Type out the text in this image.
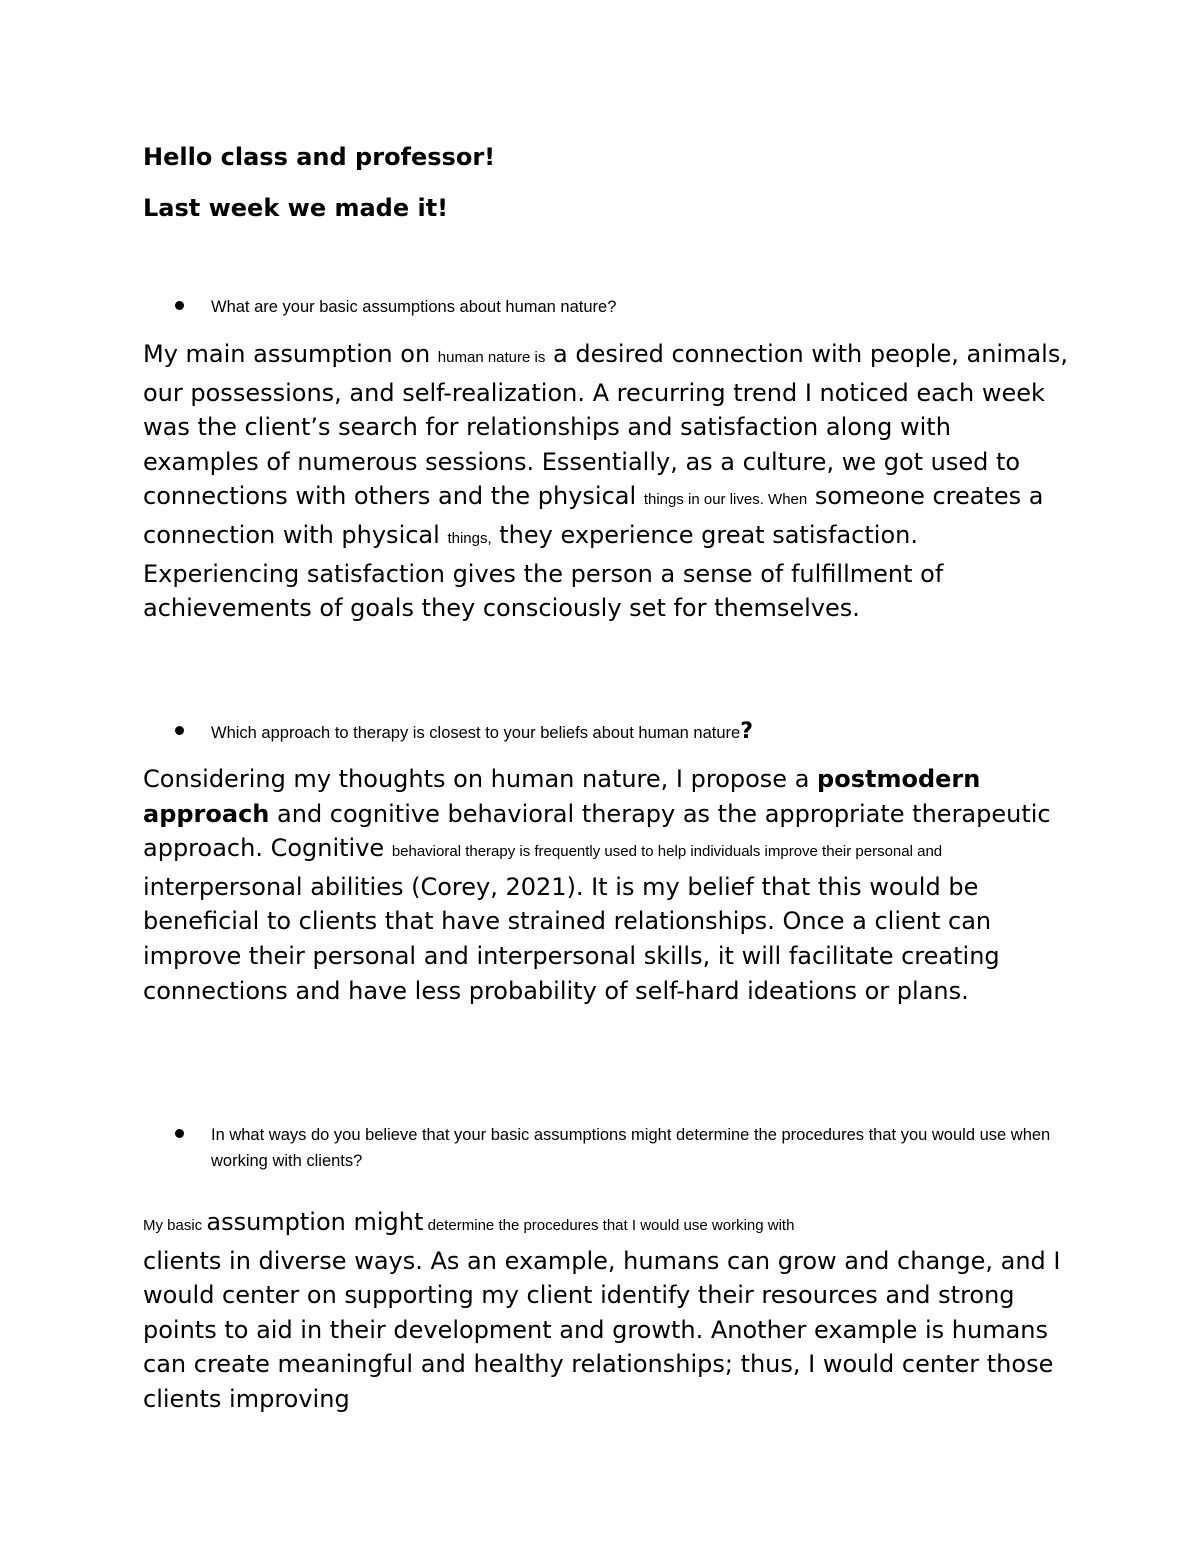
Hello class and professor!

Last week we made it!

What are your basic assumptions about human nature?

My main assumption on human nature is a desired connection with people, animals, our possessions, and self-realization. A recurring trend I noticed each week was the client’s search for relationships and satisfaction along with examples of numerous sessions. Essentially, as a culture, we got used to connections with others and the physical things in our lives. When someone creates a connection with physical things, they experience great satisfaction. Experiencing satisfaction gives the person a sense of fulfillment of achievements of goals they consciously set for themselves.

Which approach to therapy is closest to your beliefs about human nature?

Considering my thoughts on human nature, I propose a postmodern approach and cognitive behavioral therapy as the appropriate therapeutic approach. Cognitive behavioral therapy is frequently used to help individuals improve their personal and interpersonal abilities (Corey, 2021). It is my belief that this would be beneficial to clients that have strained relationships. Once a client can improve their personal and interpersonal skills, it will facilitate creating connections and have less probability of self-hard ideations or plans.

In what ways do you believe that your basic assumptions might determine the procedures that you would use when working with clients?

My basic assumption might determine the procedures that I would use working with
clients in diverse ways. As an example, humans can grow and change, and I would center on supporting my client identify their resources and strong points to aid in their development and growth. Another example is humans can create meaningful and healthy relationships; thus, I would center those clients improving
